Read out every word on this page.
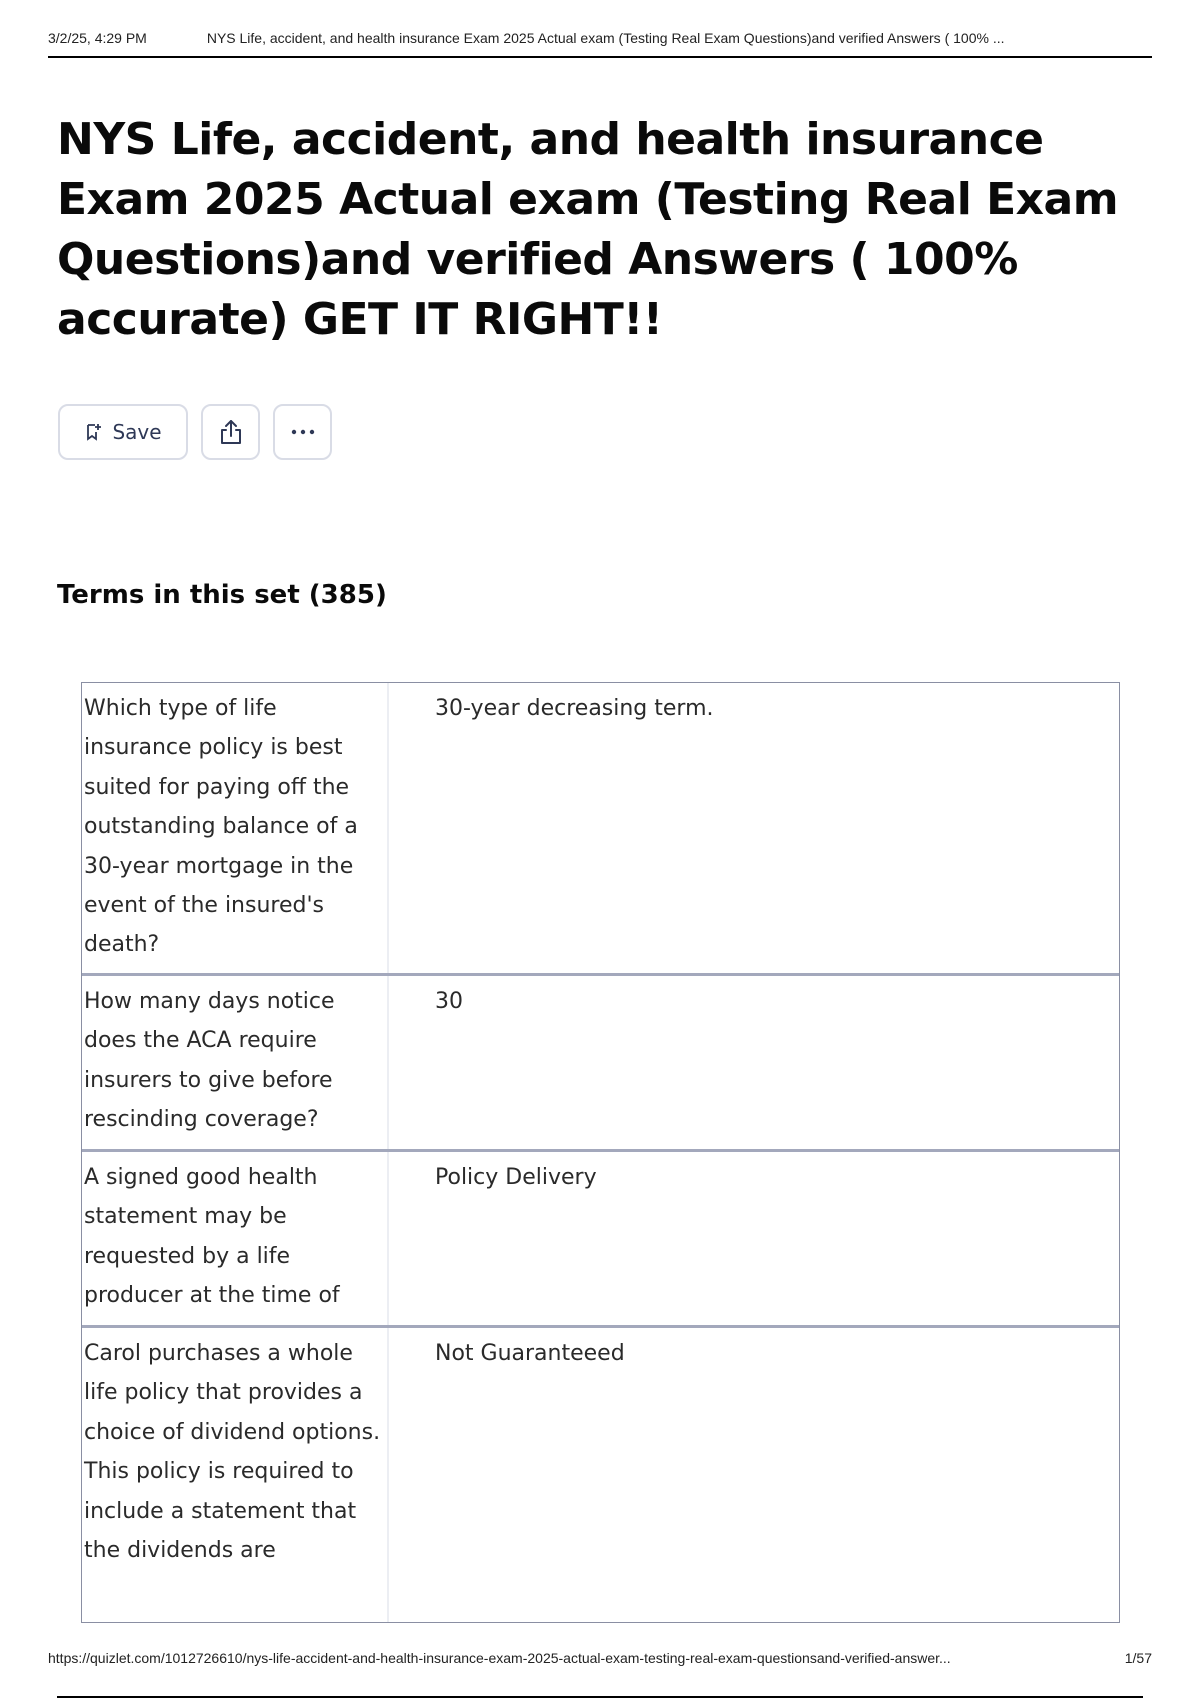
3/2/25, 4:29 PM	NYS Life, accident, and health insurance Exam 2025 Actual exam (Testing Real Exam Questions)and verified Answers ( 100% ...
NYS Life, accident, and health insurance Exam 2025 Actual exam (Testing Real Exam Questions)and verified Answers ( 100% accurate) GET IT RIGHT!!
Save
Terms in this set (385)
Which type of life insurance policy is best suited for paying off the outstanding balance of a 30-year mortgage in the event of the insured's death?
30-year decreasing term.
How many days notice does the ACA require insurers to give before rescinding coverage?
30
A signed good health statement may be requested by a life producer at the time of
Policy Delivery
Carol purchases a whole life policy that provides a choice of dividend options. This policy is required to include a statement that the dividends are
Not Guaranteeed
https://quizlet.com/1012726610/nys-life-accident-and-health-insurance-exam-2025-actual-exam-testing-real-exam-questionsand-verified-answer...	1/57
